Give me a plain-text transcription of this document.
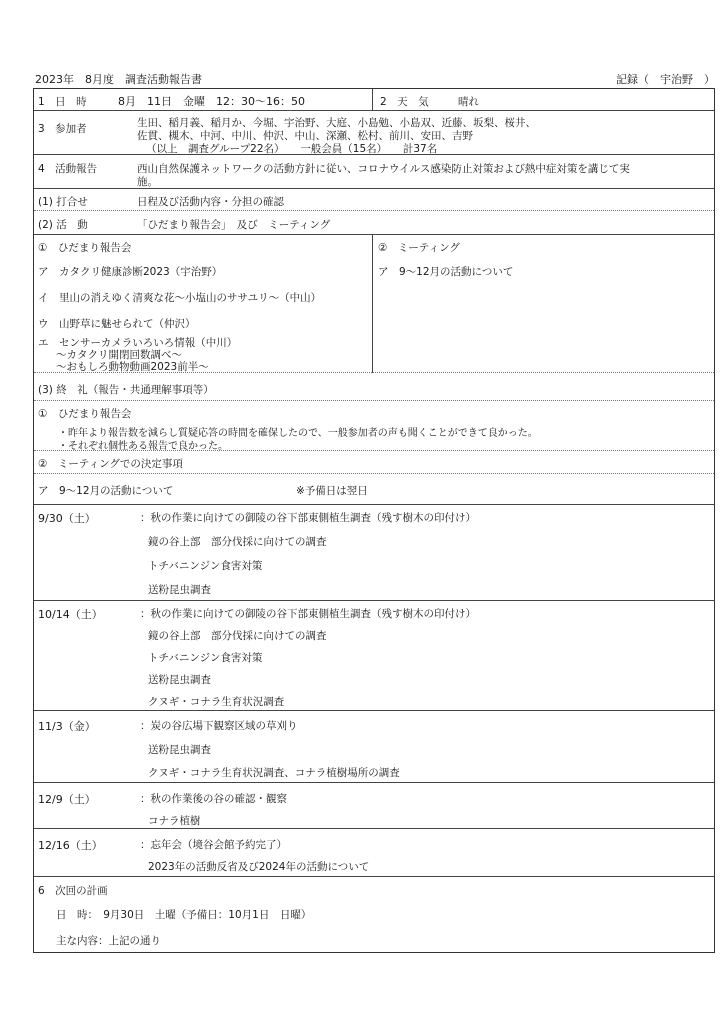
2023年　8月度　調査活動報告書	記録（　宇治野　）
1　日　時	8月　11日　金曜　12：30〜16：50	2　天　気	晴れ
3　参加者	生田、稲月義、稲月か、今堀、宇治野、大庭、小島勉、小島双、近藤、坂梨、桜井、
佐貫、槻木、中河、中川、仲沢、中山、深瀬、松村、前川、安田、吉野
（以上　調査グループ22名）　　一般会員（15名）　　計37名
4　活動報告	西山自然保護ネットワークの活動方針に従い、コロナウイルス感染防止対策および熱中症対策を講じて実
施。
(1) 打合せ	日程及び活動内容・分担の確認
(2) 活　動	「ひだまり報告会」　及び　ミーティング
①　ひだまり報告会
ア　カタクリ健康診断2023（宇治野）
イ　里山の消えゆく清爽な花〜小塩山のササユリ〜（中山）
ウ　山野草に魅せられて（仲沢）
エ　センサーカメラいろいろ情報（中川）
〜カタクリ開閉回数調べ〜
〜おもしろ動物動画2023前半〜
②　ミーティング
ア　9〜12月の活動について
(3) 終　礼（報告・共通理解事項等）
①　ひだまり報告会
・昨年より報告数を減らし質疑応答の時間を確保したので、一般参加者の声も聞くことができて良かった。
・それぞれ個性ある報告で良かった。
②　ミーティングでの決定事項
ア　9〜12月の活動について	※予備日は翌日
9/30（土）	：秋の作業に向けての御陵の谷下部東側植生調査（残す樹木の印付け）
鏡の谷上部　部分伐採に向けての調査
トチバニンジン食害対策
送粉昆虫調査
10/14（土）	：秋の作業に向けての御陵の谷下部東側植生調査（残す樹木の印付け）
鏡の谷上部　部分伐採に向けての調査
トチバニンジン食害対策
送粉昆虫調査
クヌギ・コナラ生育状況調査
11/3（金）	：炭の谷広場下観察区域の草刈り
送粉昆虫調査
クヌギ・コナラ生育状況調査、コナラ植樹場所の調査
12/9（土）	：秋の作業後の谷の確認・観察
コナラ植樹
12/16（土）	：忘年会（境谷会館予約完了）
2023年の活動反省及び2024年の活動について
6　次回の計画
日　時：　9月30日　土曜（予備日：10月1日　日曜）
主な内容：上記の通り
